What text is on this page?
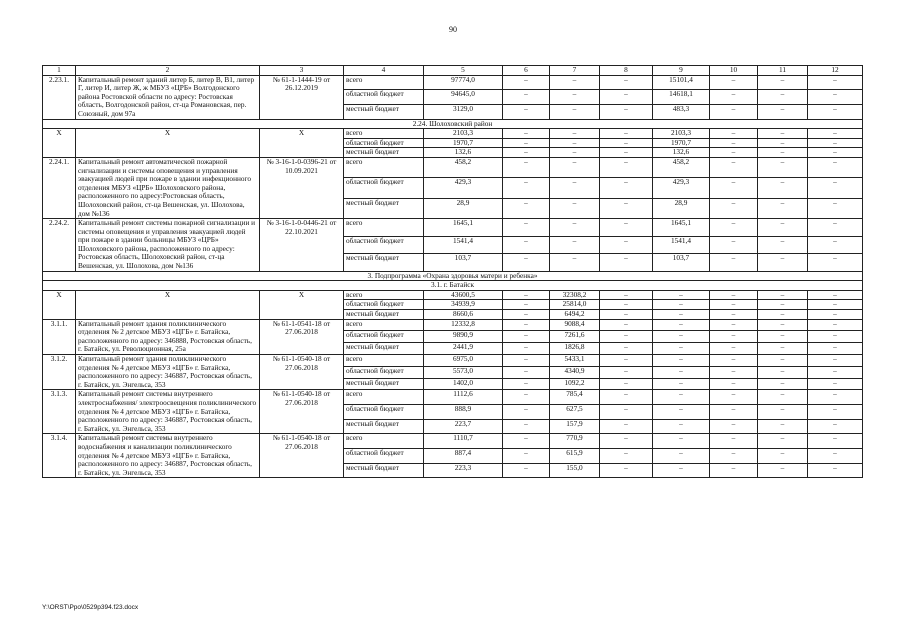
90
1	2	3	4	5	6	7	8	9	10	11	12
2.23.1.	Капитальный ремонт зданий литер Б, литер В, В1, литер Г, литер И, литер Ж, ж МБУЗ «ЦРБ» Волгодонского района Ростовской области по адресу: Ростовская область, Волгодонской район, ст-ца Романовская, пер. Союзный, дом 97а	№ 61-1-1444-19 от 26.12.2019	всего	97774,0	–	–	–	15101,4	–	–	–
			областной бюджет	94645,0	–	–	–	14618,1	–	–	–
			местный бюджет	3129,0	–	–	–	483,3	–	–	–
2.24. Шолоховский район											
Х	Х	Х	всего	2103,3	–	–	–	2103,3	–	–	–
			областной бюджет	1970,7	–	–	–	1970,7	–	–	–
			местный бюджет	132,6	–	–	–	132,6	–	–	–
2.24.1.	Капитальный ремонт автоматической пожарной сигнализации и системы оповещения и управления эвакуацией людей при пожаре в здании инфекционного отделения МБУЗ «ЦРБ» Шолоховского района, расположенного по адресу:Ростовская область, Шолоховский район, ст-ца Вешенская, ул. Шолохова, дом №136	№ 3-16-1-0-0396-21 от 10.09.2021	всего	458,2	–	–	–	458,2	–	–	–
			областной бюджет	429,3	–	–	–	429,3	–	–	–
			местный бюджет	28,9	–	–	–	28,9	–	–	–
2.24.2.	Капитальный ремонт системы пожарной сигнализации и системы оповещения и управления эвакуацией людей при пожаре в здании больницы МБУЗ «ЦРБ» Шолоховского района, расположенного по адресу: Ростовская область, Шолоховский район, ст-ца Вешенская, ул. Шолохова, дом №136	№ 3-16-1-0-0446-21 от 22.10.2021	всего	1645,1	–	–	–	1645,1	–	–	–
			областной бюджет	1541,4	–	–	–	1541,4	–	–	–
			местный бюджет	103,7	–	–	–	103,7	–	–	–
3. Подпрограмма «Охрана здоровья матери и ребенка»											
3.1. г. Батайск											
Х	Х	Х	всего	43600,5	–	32308,2	–	–	–	–	–
			областной бюджет	34939,9	–	25814,0	–	–	–	–	–
			местный бюджет	8660,6	–	6494,2	–	–	–	–	–
3.1.1.	Капитальный ремонт здания поликлинического отделения № 2 детское МБУЗ «ЦГБ» г. Батайска, расположенного по адресу: 346888, Ростовская область, г. Батайск, ул. Революционная, 25а	№ 61-1-0541-18 от 27.06.2018	всего	12332,8	–	9088,4	–	–	–	–	–
			областной бюджет	9890,9	–	7261,6	–	–	–	–	–
			местный бюджет	2441,9	–	1826,8	–	–	–	–	–
3.1.2.	Капитальный ремонт здания поликлинического отделения № 4 детское МБУЗ «ЦГБ» г. Батайска, расположенного по адресу: 346887, Ростовская область, г. Батайск, ул. Энгельса, 353	№ 61-1-0540-18 от 27.06.2018	всего	6975,0	–	5433,1	–	–	–	–	–
			областной бюджет	5573,0	–	4340,9	–	–	–	–	–
			местный бюджет	1402,0	–	1092,2	–	–	–	–	–
3.1.3.	Капитальный ремонт системы внутреннего электроснабжения/ электроосвещения поликлинического отделения № 4 детское МБУЗ «ЦГБ» г. Батайска, расположенного по адресу: 346887, Ростовская область, г. Батайск, ул. Энгельса, 353	№ 61-1-0540-18 от 27.06.2018	всего	1112,6	–	785,4	–	–	–	–	–
			областной бюджет	888,9	–	627,5	–	–	–	–	–
			местный бюджет	223,7	–	157,9	–	–	–	–	–
3.1.4.	Капитальный ремонт системы внутреннего водоснабжения и канализации поликлинического отделения № 4 детское МБУЗ «ЦГБ» г. Батайска, расположенного по адресу: 346887, Ростовская область, г. Батайск, ул. Энгельса, 353	№ 61-1-0540-18 от 27.06.2018	всего	1110,7	–	770,9	–	–	–	–	–
			областной бюджет	887,4	–	615,9	–	–	–	–	–
			местный бюджет	223,3	–	155,0	–	–	–	–	–
Y:\ORST\Ppo\0529p394.f23.docx
